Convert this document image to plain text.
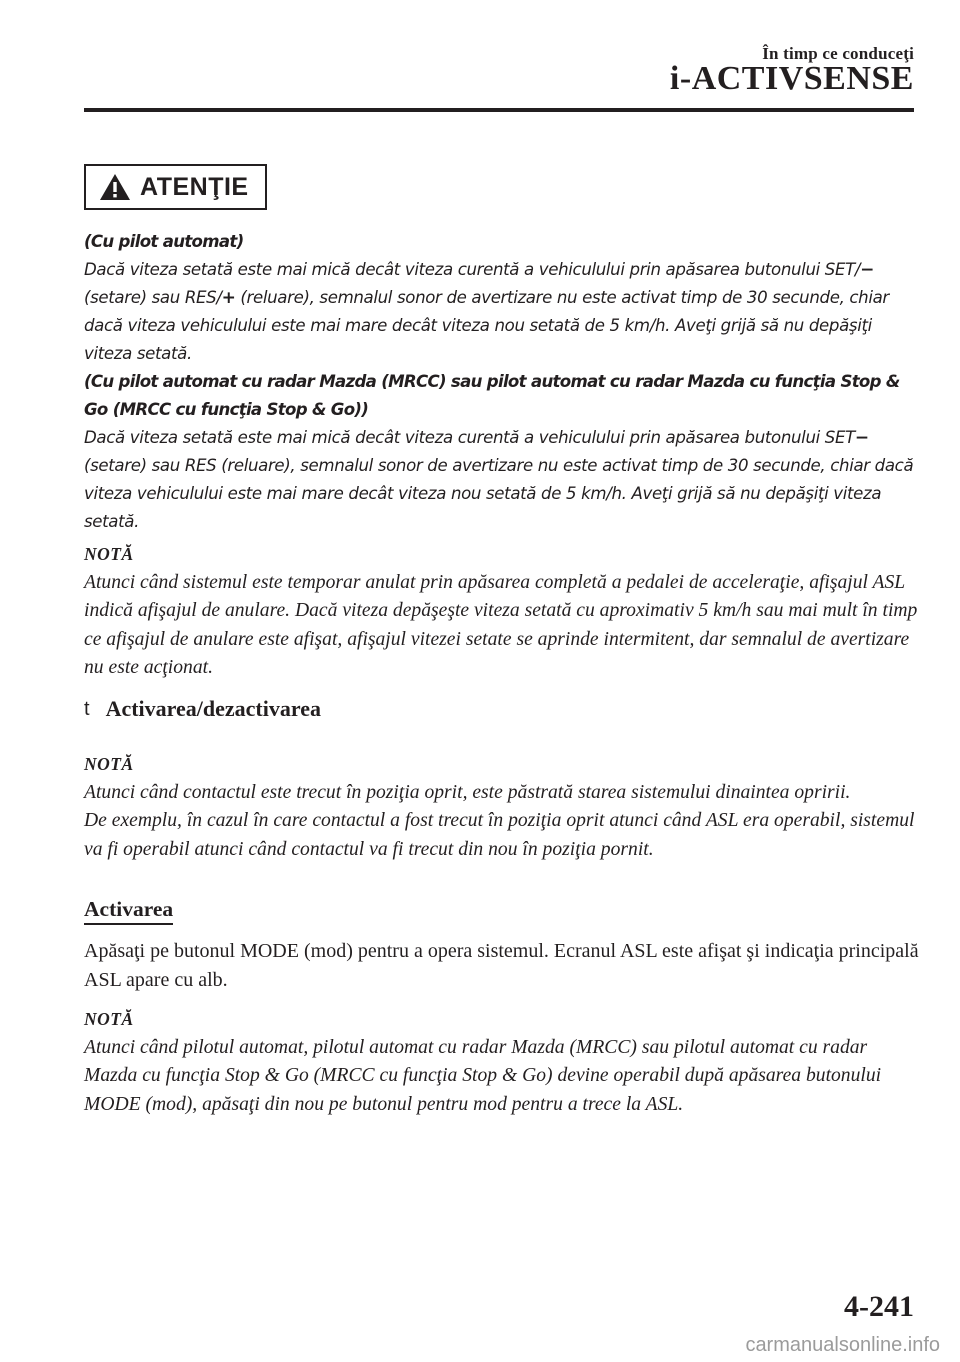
În timp ce conduceţi
i-ACTIVSENSE
ATENŢIE

(Cu pilot automat)

Dacă viteza setată este mai mică decât viteza curentă a vehiculului prin apăsarea butonului SET/− (setare) sau RES/+ (reluare), semnalul sonor de avertizare nu este activat timp de 30 secunde, chiar dacă viteza vehiculului este mai mare decât viteza nou setată de 5 km/h. Aveţi grijă să nu depăşiţi viteza setată.

(Cu pilot automat cu radar Mazda (MRCC) sau pilot automat cu radar Mazda cu funcţia Stop & Go (MRCC cu funcţia Stop & Go))

Dacă viteza setată este mai mică decât viteza curentă a vehiculului prin apăsarea butonului SET− (setare) sau RES (reluare), semnalul sonor de avertizare nu este activat timp de 30 secunde, chiar dacă viteza vehiculului este mai mare decât viteza nou setată de 5 km/h. Aveţi grijă să nu depăşiţi viteza setată.

NOTĂ

Atunci când sistemul este temporar anulat prin apăsarea completă a pedalei de acceleraţie, afişajul ASL indică afişajul de anulare. Dacă viteza depăşeşte viteza setată cu aproximativ 5 km/h sau mai mult în timp ce afişajul de anulare este afişat, afişajul vitezei setate se aprinde intermitent, dar semnalul de avertizare nu este acţionat.

t Activarea/dezactivarea

NOTĂ

Atunci când contactul este trecut în poziţia oprit, este păstrată starea sistemului dinaintea opririi.

De exemplu, în cazul în care contactul a fost trecut în poziţia oprit atunci când ASL era operabil, sistemul va fi operabil atunci când contactul va fi trecut din nou în poziţia pornit.

Activarea
Apăsaţi pe butonul MODE (mod) pentru a opera sistemul. Ecranul ASL este afişat şi indicaţia principală ASL apare cu alb.

NOTĂ

Atunci când pilotul automat, pilotul automat cu radar Mazda (MRCC) sau pilotul automat cu radar Mazda cu funcţia Stop & Go (MRCC cu funcţia Stop & Go) devine operabil după apăsarea butonului MODE (mod), apăsaţi din nou pe butonul pentru mod pentru a trece la ASL.

4-241
carmanualsonline.info
